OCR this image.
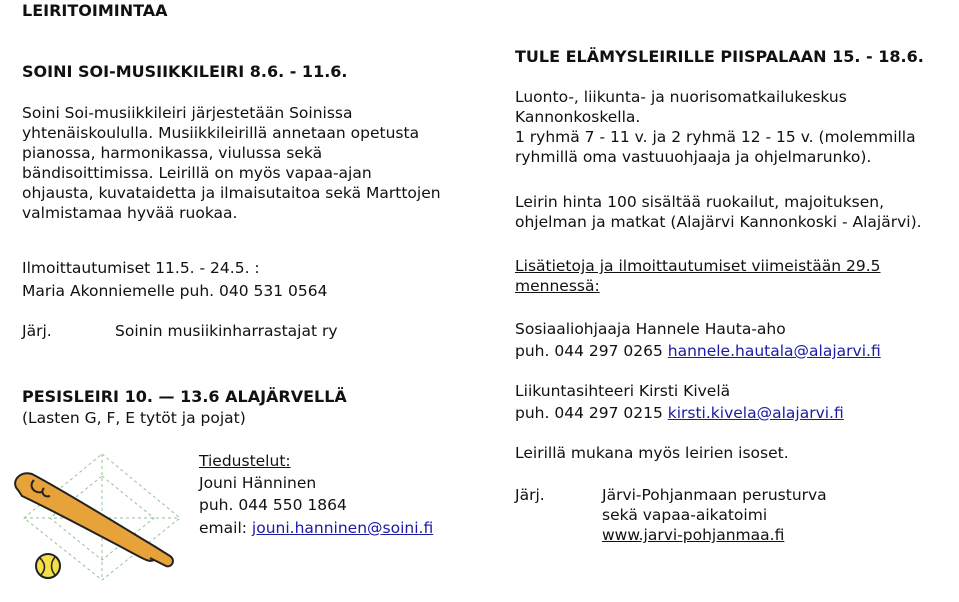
LEIRITOIMINTAA
SOINI SOI-MUSIIKKILEIRI 8.6. - 11.6.
Soini Soi-musiikkileiri järjestetään Soinissa
yhtenäiskoululla. Musiikkileirillä annetaan opetusta
pianossa, harmonikassa, viulussa sekä
bändisoittimissa. Leirillä on myös vapaa-ajan
ohjausta, kuvataidetta ja ilmaisutaitoa sekä Marttojen
valmistamaa hyvää ruokaa.
Ilmoittautumiset 11.5. - 24.5. :
Maria Akonniemelle puh. 040 531 0564
Järj.	Soinin musiikinharrastajat ry
PESISLEIRI 10. — 13.6 ALAJÄRVELLÄ
(Lasten G, F, E tytöt ja pojat)
Tiedustelut:
Jouni Hänninen
puh. 044 550 1864
email: jouni.hanninen@soini.fi
TULE ELÄMYSLEIRILLE PIISPALAAN 15. - 18.6.
Luonto-, liikunta- ja nuorisomatkailukeskus
Kannonkoskella.
1 ryhmä 7 - 11 v. ja 2 ryhmä 12 - 15 v. (molemmilla
ryhmillä oma vastuuohjaaja ja ohjelmarunko).
Leirin hinta 100 sisältää ruokailut, majoituksen,
ohjelman ja matkat (Alajärvi Kannonkoski - Alajärvi).
Lisätietoja ja ilmoittautumiset viimeistään 29.5
mennessä:
Sosiaaliohjaaja Hannele Hauta-aho
puh. 044 297 0265 hannele.hautala@alajarvi.fi
Liikuntasihteeri Kirsti Kivelä
puh. 044 297 0215 kirsti.kivela@alajarvi.fi
Leirillä mukana myös leirien isoset.
Järj.	Järvi-Pohjanmaan perusturva
sekä vapaa-aikatoimi
www.jarvi-pohjanmaa.fi
